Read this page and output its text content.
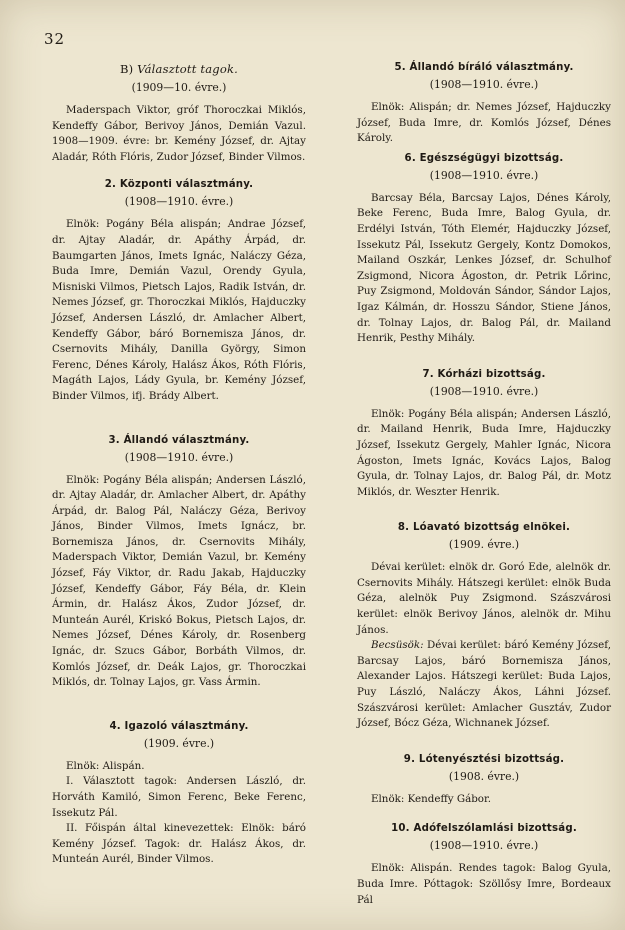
32
B) Választott tagok.
(1909—10. évre.)

Maderspach Viktor, gróf Thoroczkai Miklós, Kendeffy Gábor, Berivoy János, Demián Vazul. 1908—1909. évre: br. Kemény József, dr. Ajtay Aladár, Róth Flóris, Zudor József, Binder Vilmos.

2. Központi választmány.
(1908—1910. évre.)

Elnök: Pogány Béla alispán; Andrae József, dr. Ajtay Aladár, dr. Apáthy Árpád, dr. Baumgarten János, Imets Ignác, Naláczy Géza, Buda Imre, Demián Vazul, Orendy Gyula, Misniski Vilmos, Pietsch Lajos, Radik István, dr. Nemes József, gr. Thoroczkai Miklós, Hajduczky József, Andersen László, dr. Amlacher Albert, Kendeffy Gábor, báró Bornemisza János, dr. Csernovits Mihály, Danilla György, Simon Ferenc, Dénes Károly, Halász Ákos, Róth Flóris, Magáth Lajos, Lády Gyula, br. Kemény József, Binder Vilmos, ifj. Brády Albert.

3. Állandó választmány.
(1908—1910. évre.)

Elnök: Pogány Béla alispán; Andersen László, dr. Ajtay Aladár, dr. Amlacher Albert, dr. Apáthy Árpád, dr. Balog Pál, Naláczy Géza, Berivoy János, Binder Vilmos, Imets Ignácz, br. Bornemisza János, dr. Csernovits Mihály, Maderspach Viktor, Demián Vazul, br. Kemény József, Fáy Viktor, dr. Radu Jakab, Hajduczky József, Kendeffy Gábor, Fáy Béla, dr. Klein Ármin, dr. Halász Ákos, Zudor József, dr. Munteán Aurél, Kriskó Bokus, Pietsch Lajos, dr. Nemes József, Dénes Károly, dr. Rosenberg Ignác, dr. Szucs Gábor, Borbáth Vilmos, dr. Komlós József, dr. Deák Lajos, gr. Thoroczkai Miklós, dr. Tolnay Lajos, gr. Vass Ármin.

4. Igazoló választmány.
(1909. évre.)

Elnök: Alispán.

I. Választott tagok: Andersen László, dr. Horváth Kamiló, Simon Ferenc, Beke Ferenc, Issekutz Pál.

II. Főispán által kinevezettek: Elnök: báró Kemény József. Tagok: dr. Halász Ákos, dr. Munteán Aurél, Binder Vilmos.

5. Állandó bíráló választmány.
(1908—1910. évre.)

Elnök: Alispán; dr. Nemes József, Hajduczky József, Buda Imre, dr. Komlós József, Dénes Károly.

6. Egészségügyi bizottság.
(1908—1910. évre.)

Barcsay Béla, Barcsay Lajos, Dénes Károly, Beke Ferenc, Buda Imre, Balog Gyula, dr. Erdélyi István, Tóth Elemér, Hajduczky József, Issekutz Pál, Issekutz Gergely, Kontz Domokos, Mailand Oszkár, Lenkes József, dr. Schulhof Zsigmond, Nicora Ágoston, dr. Petrik Lőrinc, Puy Zsigmond, Moldován Sándor, Sándor Lajos, Igaz Kálmán, dr. Hosszu Sándor, Stiene János, dr. Tolnay Lajos, dr. Balog Pál, dr. Mailand Henrik, Pesthy Mihály.

7. Kórházi bizottság.
(1908—1910. évre.)

Elnök: Pogány Béla alispán; Andersen László, dr. Mailand Henrik, Buda Imre, Hajduczky József, Issekutz Gergely, Mahler Ignác, Nicora Ágoston, Imets Ignác, Kovács Lajos, Balog Gyula, dr. Tolnay Lajos, dr. Balog Pál, dr. Motz Miklós, dr. Weszter Henrik.

8. Lóavató bizottság elnökei.
(1909. évre.)

Dévai kerület: elnök dr. Goró Ede, alelnök dr. Csernovits Mihály. Hátszegi kerület: elnök Buda Géza, alelnök Puy Zsigmond. Szászvárosi kerület: elnök Berivoy János, alelnök dr. Mihu János.

Becsüsök: Dévai kerület: báró Kemény József, Barcsay Lajos, báró Bornemisza János, Alexander Lajos. Hátszegi kerület: Buda Lajos, Puy László, Naláczy Ákos, Láhni József. Szászvárosi kerület: Amlacher Gusztáv, Zudor József, Bócz Géza, Wichnanek József.

9. Lótenyésztési bizottság.
(1908. évre.)

Elnök: Kendeffy Gábor.

10. Adófelszólamlási bizottság.
(1908—1910. évre.)

Elnök: Alispán. Rendes tagok: Balog Gyula, Buda Imre. Póttagok: Szöllősy Imre, Bordeaux Pál
